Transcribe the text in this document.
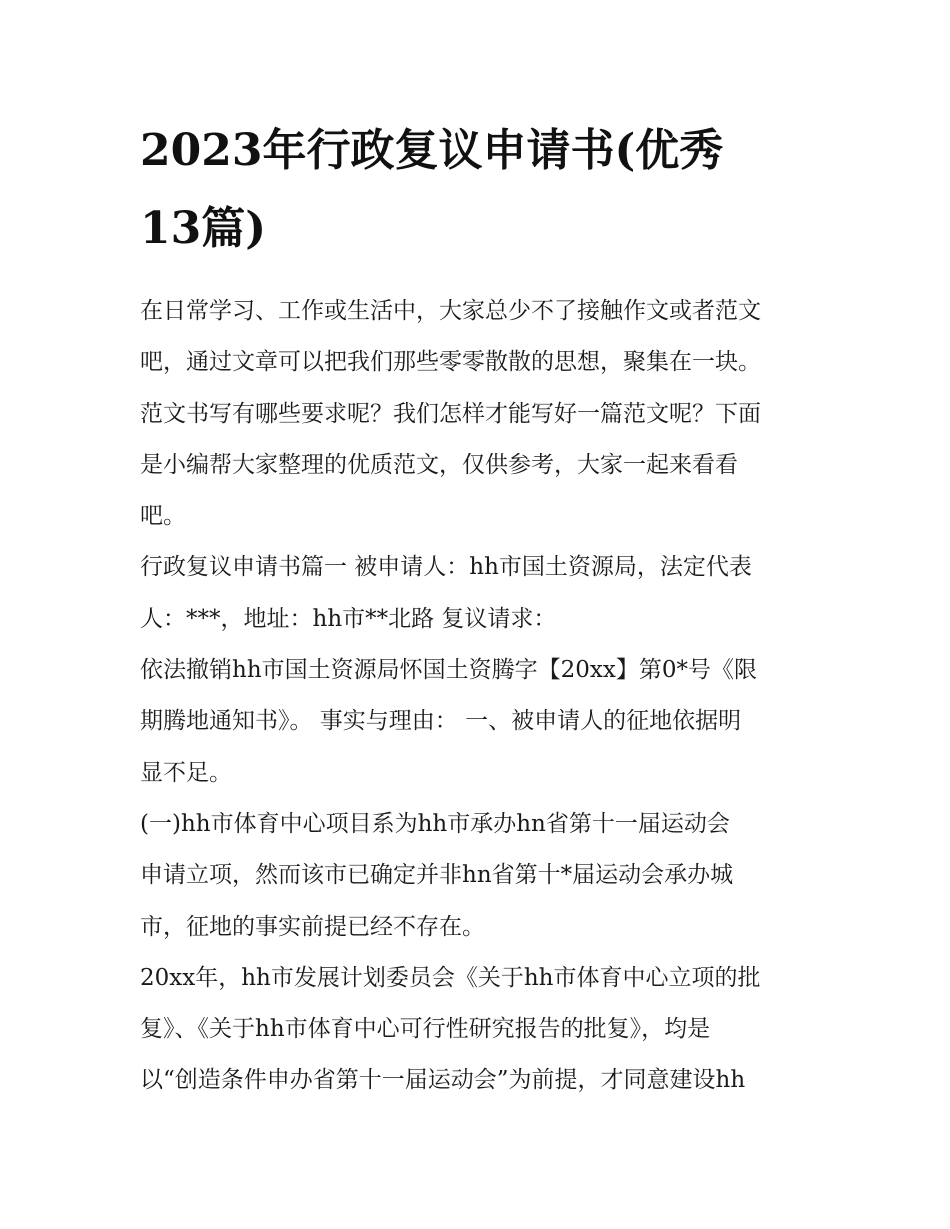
2023年行政复议申请书(优秀
13篇)
在日常学习、工作或生活中，大家总少不了接触作文或者范文
吧，通过文章可以把我们那些零零散散的思想，聚集在一块。
范文书写有哪些要求呢？我们怎样才能写好一篇范文呢？下面
是小编帮大家整理的优质范文，仅供参考，大家一起来看看
吧。
行政复议申请书篇一 被申请人：hh市国土资源局，法定代表
人：***，地址：hh市**北路 复议请求：
依法撤销hh市国土资源局怀国土资腾字【20xx】第0*号《限
期腾地通知书》。 事实与理由： 一、被申请人的征地依据明
显不足。
(一)hh市体育中心项目系为hh市承办hn省第十一届运动会
申请立项，然而该市已确定并非hn省第十*届运动会承办城
市，征地的事实前提已经不存在。
20xx年，hh市发展计划委员会《关于hh市体育中心立项的批
复》、《关于hh市体育中心可行性研究报告的批复》，均是
以“创造条件申办省第十一届运动会”为前提，才同意建设hh
